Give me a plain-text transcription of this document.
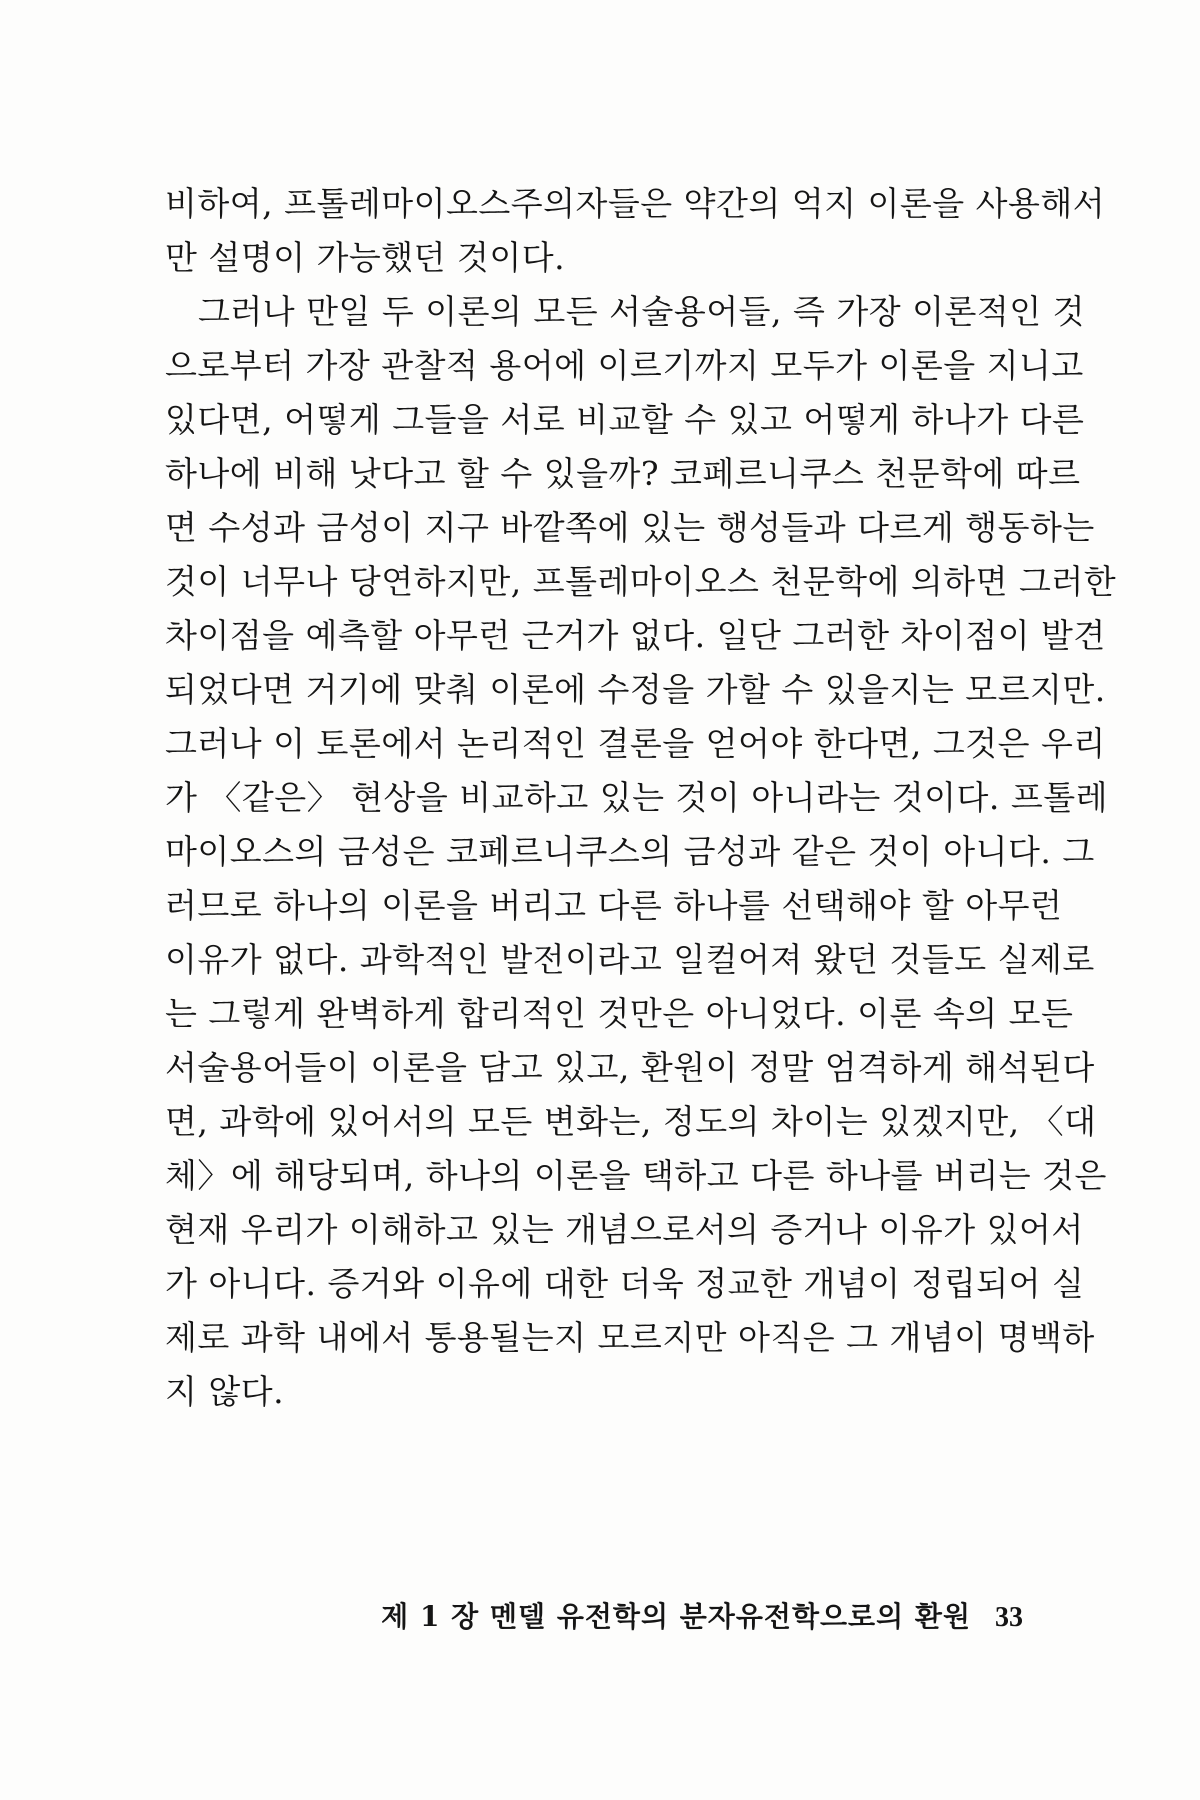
비하여, 프톨레마이오스주의자들은 약간의 억지 이론을 사용해서
만 설명이 가능했던 것이다.

그러나 만일 두 이론의 모든 서술용어들, 즉 가장 이론적인 것
으로부터 가장 관찰적 용어에 이르기까지 모두가 이론을 지니고
있다면, 어떻게 그들을 서로 비교할 수 있고 어떻게 하나가 다른
하나에 비해 낫다고 할 수 있을까? 코페르니쿠스 천문학에 따르
면 수성과 금성이 지구 바깥쪽에 있는 행성들과 다르게 행동하는
것이 너무나 당연하지만, 프톨레마이오스 천문학에 의하면 그러한
차이점을 예측할 아무런 근거가 없다. 일단 그러한 차이점이 발견
되었다면 거기에 맞춰 이론에 수정을 가할 수 있을지는 모르지만.
그러나 이 토론에서 논리적인 결론을 얻어야 한다면, 그것은 우리
가 〈같은〉 현상을 비교하고 있는 것이 아니라는 것이다. 프톨레
마이오스의 금성은 코페르니쿠스의 금성과 같은 것이 아니다. 그
러므로 하나의 이론을 버리고 다른 하나를 선택해야 할 아무런
이유가 없다. 과학적인 발전이라고 일컬어져 왔던 것들도 실제로
는 그렇게 완벽하게 합리적인 것만은 아니었다. 이론 속의 모든
서술용어들이 이론을 담고 있고, 환원이 정말 엄격하게 해석된다
면, 과학에 있어서의 모든 변화는, 정도의 차이는 있겠지만, 〈대
체〉에 해당되며, 하나의 이론을 택하고 다른 하나를 버리는 것은
현재 우리가 이해하고 있는 개념으로서의 증거나 이유가 있어서
가 아니다. 증거와 이유에 대한 더욱 정교한 개념이 정립되어 실
제로 과학 내에서 통용될는지 모르지만 아직은 그 개념이 명백하
지 않다.

제 1 장 멘델 유전학의 분자유전학으로의 환원 33
